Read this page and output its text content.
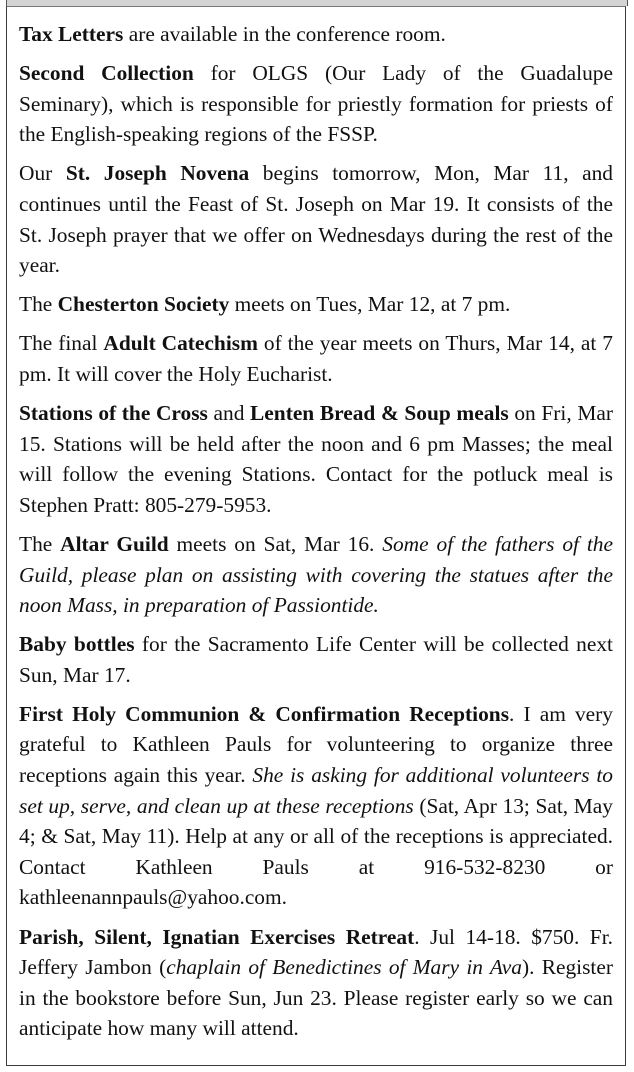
Tax Letters are available in the conference room.

Second Collection for OLGS (Our Lady of the Guadalupe Seminary), which is responsible for priestly formation for priests of the English-speaking regions of the FSSP.

Our St. Joseph Novena begins tomorrow, Mon, Mar 11, and continues until the Feast of St. Joseph on Mar 19. It consists of the St. Joseph prayer that we offer on Wednesdays during the rest of the year.

The Chesterton Society meets on Tues, Mar 12, at 7 pm.

The final Adult Catechism of the year meets on Thurs, Mar 14, at 7 pm. It will cover the Holy Eucharist.

Stations of the Cross and Lenten Bread & Soup meals on Fri, Mar 15. Stations will be held after the noon and 6 pm Masses; the meal will follow the evening Stations. Contact for the potluck meal is Stephen Pratt: 805-279-5953.

The Altar Guild meets on Sat, Mar 16. Some of the fathers of the Guild, please plan on assisting with covering the statues after the noon Mass, in preparation of Passiontide.

Baby bottles for the Sacramento Life Center will be collected next Sun, Mar 17.

First Holy Communion & Confirmation Receptions. I am very grateful to Kathleen Pauls for volunteering to organize three receptions again this year. She is asking for additional volunteers to set up, serve, and clean up at these receptions (Sat, Apr 13; Sat, May 4; & Sat, May 11). Help at any or all of the receptions is appreciated. Contact Kathleen Pauls at 916-532-8230 or kathleenannpauls@yahoo.com.

Parish, Silent, Ignatian Exercises Retreat. Jul 14-18. $750. Fr. Jeffery Jambon (chaplain of Benedictines of Mary in Ava). Register in the bookstore before Sun, Jun 23. Please register early so we can anticipate how many will attend.
